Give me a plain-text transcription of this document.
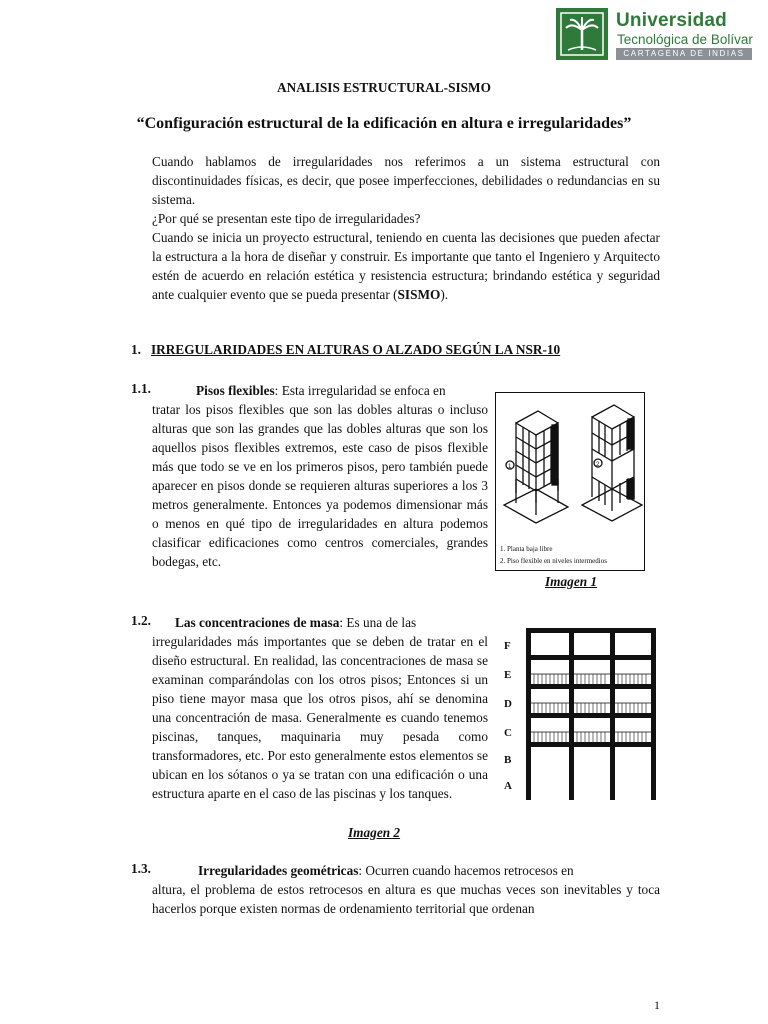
Universidad
Tecnológica de Bolívar
CARTAGENA DE INDIAS
ANALISIS ESTRUCTURAL-SISMO
“Configuración estructural de la edificación en altura e irregularidades”

Cuando hablamos de irregularidades nos referimos a un sistema estructural con discontinuidades físicas, es decir, que posee imperfecciones, debilidades o redundancias en su sistema.

¿Por qué se presentan este tipo de irregularidades?

Cuando se inicia un proyecto estructural, teniendo en cuenta las decisiones que pueden afectar la estructura a la hora de diseñar y construir. Es importante que tanto el Ingeniero y Arquitecto estén de acuerdo en relación estética y resistencia estructura; brindando estética y seguridad ante cualquier evento que se pueda presentar (SISMO).

1. IRREGULARIDADES EN ALTURAS O ALZADO SEGÚN LA NSR-10
1.1.	Pisos flexibles: Esta irregularidad se enfoca en
tratar los pisos flexibles que son las dobles alturas o incluso alturas que son las grandes que las dobles alturas que son los aquellos pisos flexibles extremos, este caso de pisos flexible más que todo se ve en los primeros pisos, pero también puede aparecer en pisos donde se requieren alturas superiores a los 3 metros generalmente. Entonces ya podemos dimensionar más o menos en qué tipo de irregularidades en altura podemos clasificar edificaciones como centros comerciales, grandes bodegas, etc.
1	2
1. Planta baja libre
2. Piso flexible en niveles intermedios
Imagen 1
1.2. Las concentraciones de masa: Es una de las
irregularidades más importantes que se deben de tratar en el diseño estructural. En realidad, las concentraciones de masa se examinan comparándolas con los otros pisos; Entonces si un piso tiene mayor masa que los otros pisos, ahí se denomina una concentración de masa. Generalmente es cuando tenemos piscinas, tanques, maquinaria muy pesada como transformadores, etc. Por esto generalmente estos elementos se ubican en los sótanos o ya se tratan con una edificación o una estructura aparte en el caso de las piscinas y los tanques.
Imagen 2
F
E
D
C
B
A
1.3.	Irregularidades geométricas: Ocurren cuando hacemos retrocesos en
altura, el problema de estos retrocesos en altura es que muchas veces son inevitables y toca hacerlos porque existen normas de ordenamiento territorial que ordenan
1
